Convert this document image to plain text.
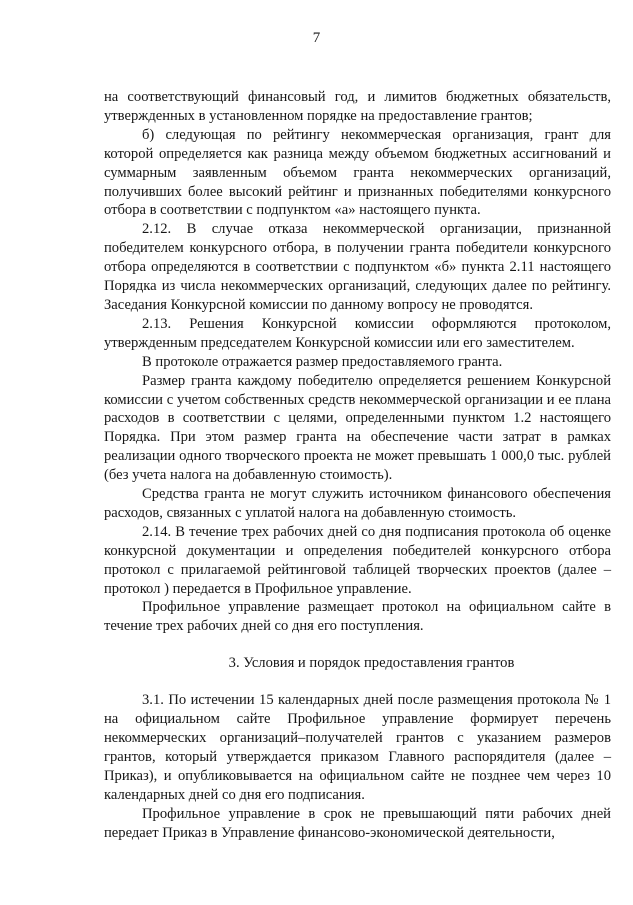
7

на соответствующий финансовый год, и лимитов бюджетных обязательств, утвержденных в установленном порядке на предоставление грантов;

б) следующая по рейтингу некоммерческая организация, грант для которой определяется как разница между объемом бюджетных ассигнований и суммарным заявленным объемом гранта некоммерческих организаций, получивших более высокий рейтинг и признанных победителями конкурсного отбора в соответствии с подпунктом «а» настоящего пункта.

2.12. В случае отказа некоммерческой организации, признанной победителем конкурсного отбора, в получении гранта победители конкурсного отбора определяются в соответствии с подпунктом «б» пункта 2.11 настоящего Порядка из числа некоммерческих организаций, следующих далее по рейтингу. Заседания Конкурсной комиссии по данному вопросу не проводятся.

2.13. Решения Конкурсной комиссии оформляются протоколом, утвержденным председателем Конкурсной комиссии или его заместителем.

В протоколе отражается размер предоставляемого гранта.

Размер гранта каждому победителю определяется решением Конкурсной комиссии с учетом собственных средств некоммерческой организации и ее плана расходов в соответствии с целями, определенными пунктом 1.2 настоящего Порядка. При этом размер гранта на обеспечение части затрат в рамках реализации одного творческого проекта не может превышать 1 000,0 тыс. рублей (без учета налога на добавленную стоимость).

Средства гранта не могут служить источником финансового обеспечения расходов, связанных с уплатой налога на добавленную стоимость.

2.14. В течение трех рабочих дней со дня подписания протокола об оценке конкурсной документации и определения победителей конкурсного отбора протокол с прилагаемой рейтинговой таблицей творческих проектов (далее – протокол ) передается в Профильное управление.

Профильное управление размещает протокол на официальном сайте в течение трех рабочих дней со дня его поступления.

3. Условия и порядок предоставления грантов

3.1. По истечении 15 календарных дней после размещения протокола № 1 на официальном сайте Профильное управление формирует перечень некоммерческих организаций–получателей грантов с указанием размеров грантов, который утверждается приказом Главного распорядителя (далее – Приказ), и опубликовывается на официальном сайте не позднее чем через 10 календарных дней со дня его подписания.

Профильное управление в срок не превышающий пяти рабочих дней передает Приказ в Управление финансово-экономической деятельности,
